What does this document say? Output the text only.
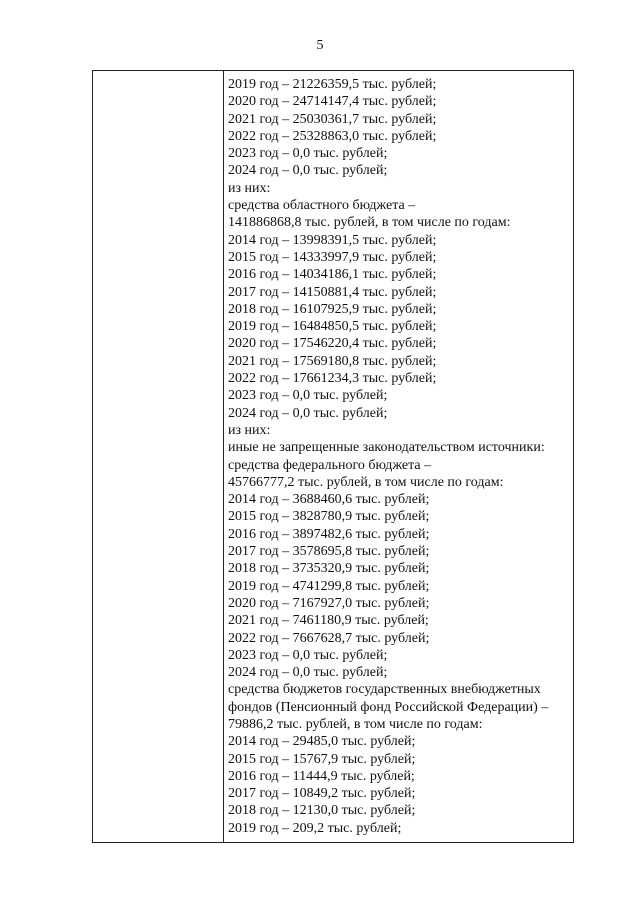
5
2019 год – 21226359,5 тыс. рублей;
2020 год – 24714147,4 тыс. рублей;
2021 год – 25030361,7 тыс. рублей;
2022 год – 25328863,0 тыс. рублей;
2023 год – 0,0 тыс. рублей;
2024 год – 0,0 тыс. рублей;
из них:
средства областного бюджета –
141886868,8 тыс. рублей, в том числе по годам:
2014 год – 13998391,5 тыс. рублей;
2015 год – 14333997,9 тыс. рублей;
2016 год – 14034186,1 тыс. рублей;
2017 год – 14150881,4 тыс. рублей;
2018 год – 16107925,9 тыс. рублей;
2019 год – 16484850,5 тыс. рублей;
2020 год – 17546220,4 тыс. рублей;
2021 год – 17569180,8 тыс. рублей;
2022 год – 17661234,3 тыс. рублей;
2023 год – 0,0 тыс. рублей;
2024 год – 0,0 тыс. рублей;
из них:
иные не запрещенные законодательством источники:
средства федерального бюджета –
45766777,2 тыс. рублей, в том числе по годам:
2014 год – 3688460,6 тыс. рублей;
2015 год – 3828780,9 тыс. рублей;
2016 год – 3897482,6 тыс. рублей;
2017 год – 3578695,8 тыс. рублей;
2018 год – 3735320,9 тыс. рублей;
2019 год – 4741299,8 тыс. рублей;
2020 год – 7167927,0 тыс. рублей;
2021 год – 7461180,9 тыс. рублей;
2022 год – 7667628,7 тыс. рублей;
2023 год – 0,0 тыс. рублей;
2024 год – 0,0 тыс. рублей;
средства бюджетов государственных внебюджетных
фондов (Пенсионный фонд Российской Федерации) –
79886,2 тыс. рублей, в том числе по годам:
2014 год – 29485,0 тыс. рублей;
2015 год – 15767,9 тыс. рублей;
2016 год – 11444,9 тыс. рублей;
2017 год – 10849,2 тыс. рублей;
2018 год – 12130,0 тыс. рублей;
2019 год – 209,2 тыс. рублей;
